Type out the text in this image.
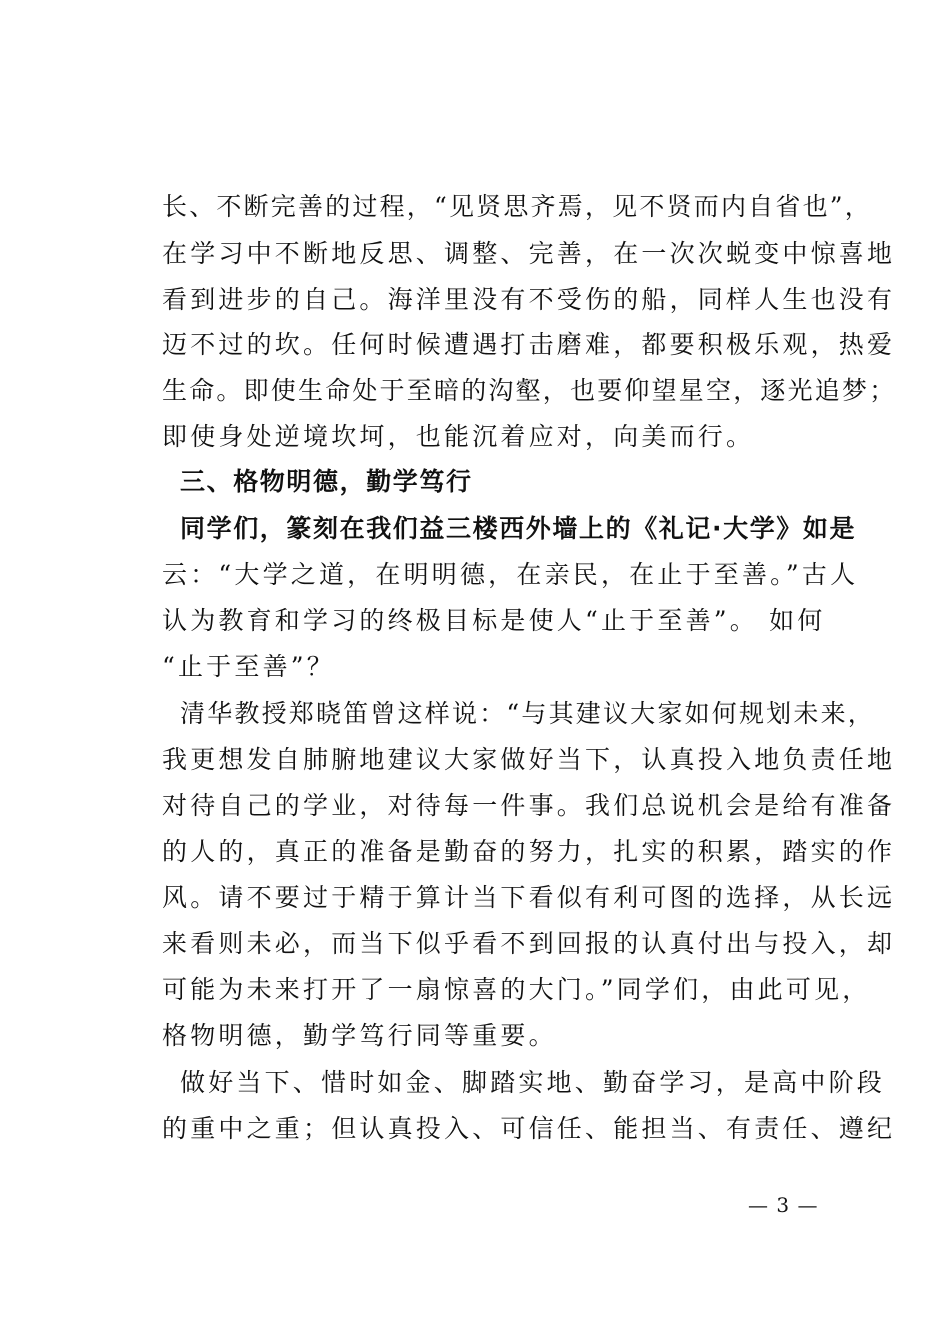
长、不断完善的过程，“见贤思齐焉，见不贤而内自省也”，
在学习中不断地反思、调整、完善，在一次次蜕变中惊喜地
看到进步的自己。海洋里没有不受伤的船，同样人生也没有
迈不过的坎。任何时候遭遇打击磨难，都要积极乐观，热爱
生命。即使生命处于至暗的沟壑，也要仰望星空，逐光追梦；
即使身处逆境坎坷，也能沉着应对，向美而行。
三、格物明德，勤学笃行
同学们，篆刻在我们益三楼西外墙上的《礼记·大学》如是
云：“大学之道，在明明德，在亲民，在止于至善。”古人
认为教育和学习的终极目标是使人“止于至善”。 如何
“止于至善”？
清华教授郑晓笛曾这样说：“与其建议大家如何规划未来，
我更想发自肺腑地建议大家做好当下，认真投入地负责任地
对待自己的学业，对待每一件事。我们总说机会是给有准备
的人的，真正的准备是勤奋的努力，扎实的积累，踏实的作
风。请不要过于精于算计当下看似有利可图的选择，从长远
来看则未必，而当下似乎看不到回报的认真付出与投入，却
可能为未来打开了一扇惊喜的大门。”同学们，由此可见，
格物明德，勤学笃行同等重要。
做好当下、惜时如金、脚踏实地、勤奋学习，是高中阶段
的重中之重；但认真投入、可信任、能担当、有责任、遵纪
— 3 —
